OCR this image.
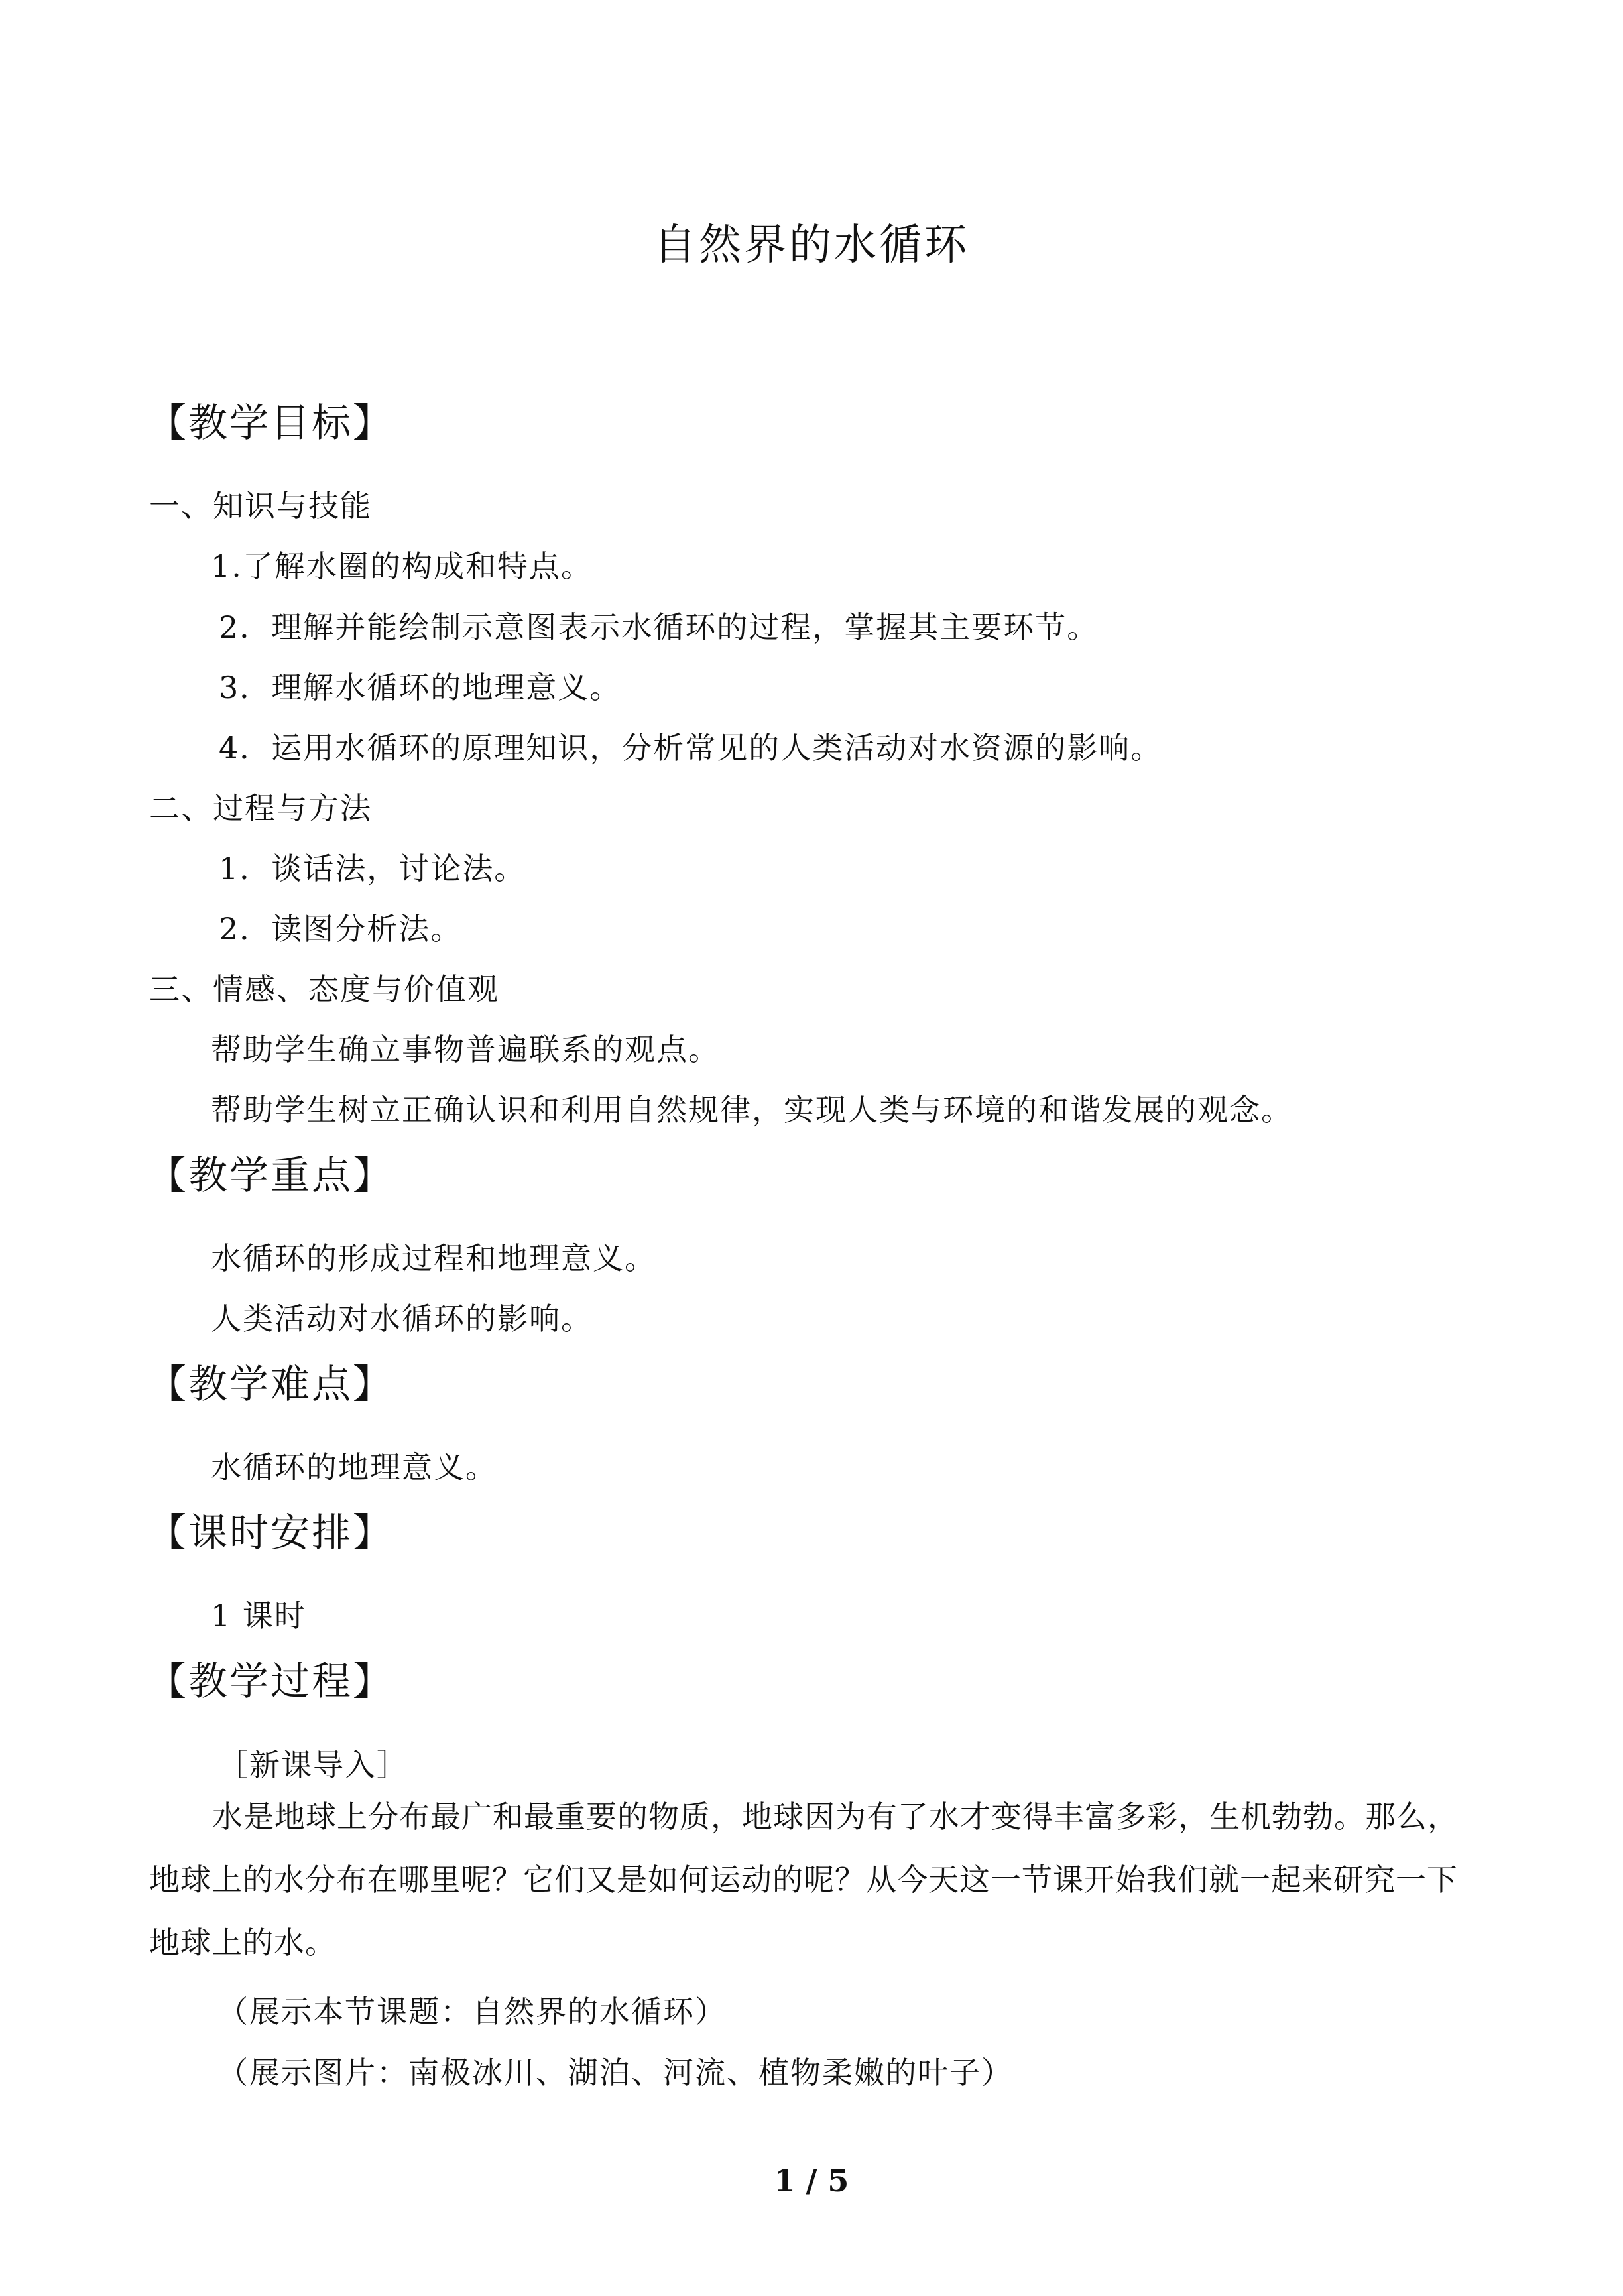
自然界的水循环
【教学目标】
一、知识与技能
1.了解水圈的构成和特点。
2．理解并能绘制示意图表示水循环的过程，掌握其主要环节。
3．理解水循环的地理意义。
4．运用水循环的原理知识，分析常见的人类活动对水资源的影响。
二、过程与方法
1．谈话法，讨论法。
2．读图分析法。
三、情感、态度与价值观
帮助学生确立事物普遍联系的观点。
帮助学生树立正确认识和利用自然规律，实现人类与环境的和谐发展的观念。
【教学重点】
水循环的形成过程和地理意义。
人类活动对水循环的影响。
【教学难点】
水循环的地理意义。
【课时安排】
1 课时
【教学过程】
［新课导入］
水是地球上分布最广和最重要的物质，地球因为有了水才变得丰富多彩，生机勃勃。那么，地球上的水分布在哪里呢？它们又是如何运动的呢？从今天这一节课开始我们就一起来研究一下地球上的水。
（展示本节课题：自然界的水循环）
（展示图片：南极冰川、湖泊、河流、植物柔嫩的叶子）
1 / 5
